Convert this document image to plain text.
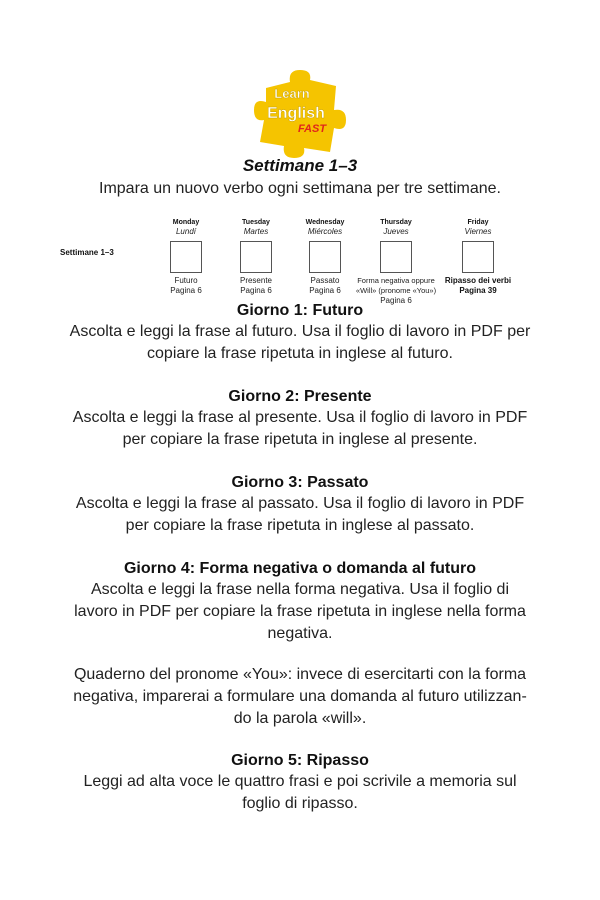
Learn
English
®
FAST
Settimane 1–3
Impara un nuovo verbo ogni settimana per tre settimane.
Settimane 1–3
Monday
Lundí
Futuro
Pagina 6
Tuesday
Martes
Presente
Pagina 6
Wednesday
Miércoles
Passato
Pagina 6
Thursday
Jueves
Forma negativa oppure
«Will» (pronome «You»)
Pagina 6
Friday
Viernes
Ripasso dei verbi
Pagina 39
Giorno 1: Futuro
Ascolta e leggi la frase al futuro. Usa il foglio di lavoro in PDF per
copiare la frase ripetuta in inglese al futuro.
Giorno 2: Presente
Ascolta e leggi la frase al presente. Usa il foglio di lavoro in PDF
per copiare la frase ripetuta in inglese al presente.
Giorno 3: Passato
Ascolta e leggi la frase al passato. Usa il foglio di lavoro in PDF
per copiare la frase ripetuta in inglese al passato.
Giorno 4: Forma negativa o domanda al futuro
Ascolta e leggi la frase nella forma negativa. Usa il foglio di
lavoro in PDF per copiare la frase ripetuta in inglese nella forma
negativa.
Quaderno del pronome «You»: invece di esercitarti con la forma
negativa, imparerai a formulare una domanda al futuro utilizzan-
do la parola «will».
Giorno 5: Ripasso
Leggi ad alta voce le quattro frasi e poi scrivile a memoria sul
foglio di ripasso.
